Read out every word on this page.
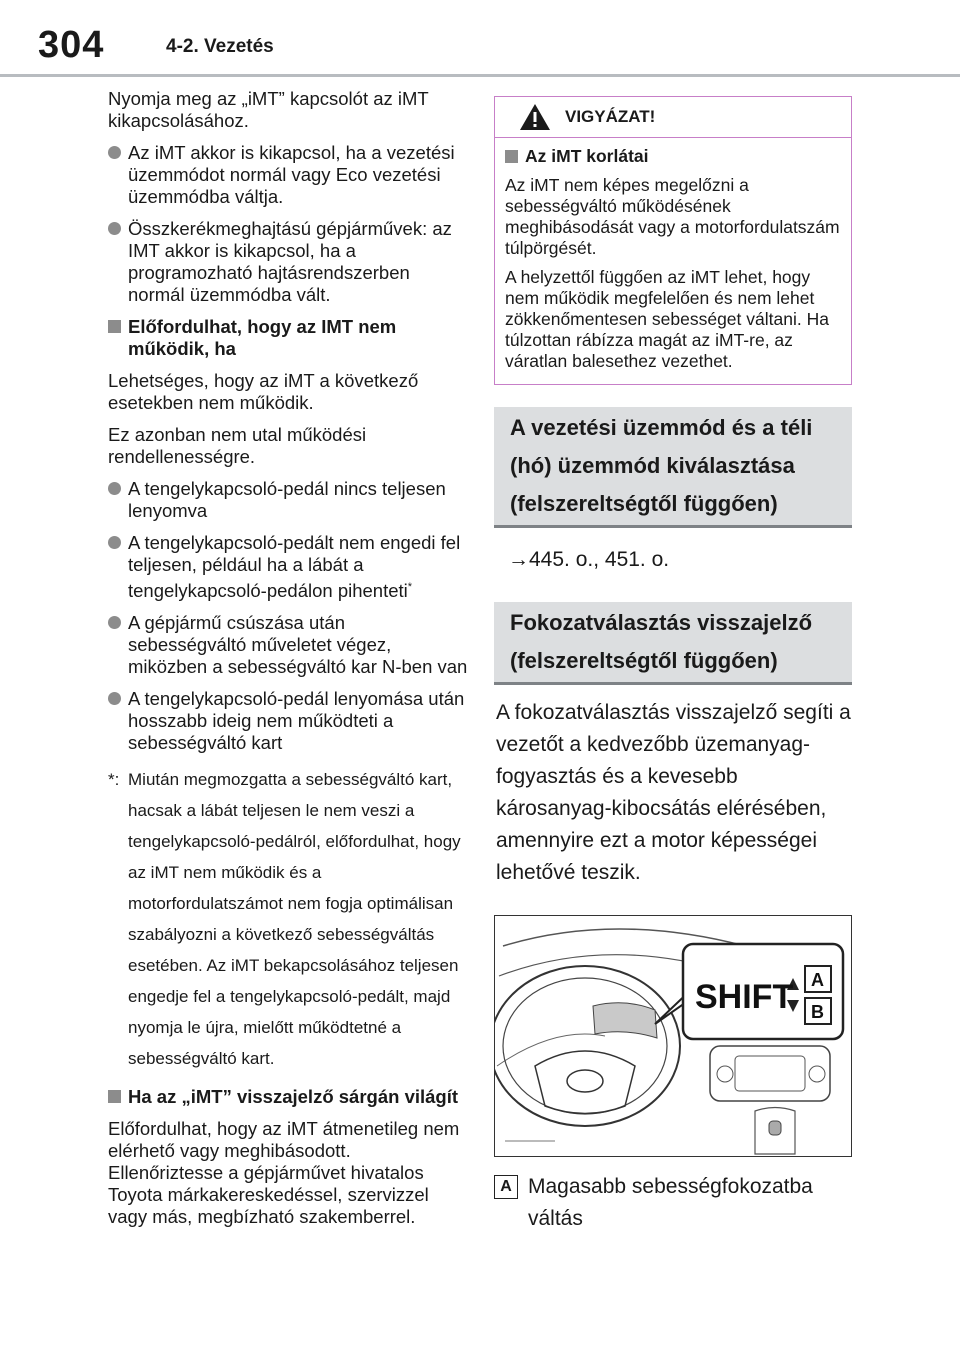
304	4-2. Vezetés

Nyomja meg az „iMT” kapcsolót az iMT kikapcsolásához.

Az iMT akkor is kikapcsol, ha a vezetési üzemmódot normál vagy Eco vezetési üzemmódba váltja.
Összkerékmeghajtású gépjárművek: az IMT akkor is kikapcsol, ha a programozható hajtásrendszerben normál üzemmódba vált.
Előfordulhat, hogy az IMT nem működik, ha

Lehetséges, hogy az iMT a következő esetekben nem működik.

Ez azonban nem utal működési rendellenességre.

A tengelykapcsoló-pedál nincs teljesen lenyomva
A tengelykapcsoló-pedált nem engedi fel teljesen, például ha a lábát a tengelykapcsoló-pedálon pihenteti*
A gépjármű csúszása után sebességváltó műveletet végez, miközben a sebességváltó kar N-ben van
A tengelykapcsoló-pedál lenyomása után hosszabb ideig nem működteti a sebességváltó kart
*: Miután megmozgatta a sebességváltó kart, hacsak a lábát teljesen le nem veszi a tengelykapcsoló-pedálról, előfordulhat, hogy az iMT nem működik és a motorfordulatszámot nem fogja optimálisan szabályozni a következő sebességváltás esetében. Az iMT bekapcsolásához teljesen engedje fel a tengelykapcsoló-pedált, majd nyomja le újra, mielőtt működtetné a sebességváltó kart.
Ha az „iMT” visszajelző sárgán világít

Előfordulhat, hogy az iMT átmenetileg nem elérhető vagy meghibásodott. Ellenőriztesse a gépjárművet hivatalos Toyota márkakereskedéssel, szervizzel vagy más, megbízható szakemberrel.

VIGYÁZAT!
Az iMT korlátai

Az iMT nem képes megelőzni a sebességváltó működésének meghibásodását vagy a motorfordulatszám túlpörgését.

A helyzettől függően az iMT lehet, hogy nem működik megfelelően és nem lehet zökkenőmentesen sebességet váltani. Ha túlzottan rábízza magát az iMT-re, az váratlan balesethez vezethet.

A vezetési üzemmód és a téli (hó) üzemmód kiválasztása (felszereltségtől függően)
→445. o., 451. o.
Fokozatválasztás visszajelző (felszereltségtől függően)

A fokozatválasztás visszajelző segíti a vezetőt a kedvezőbb üzemanyag-fogyasztás és a kevesebb károsanyag-kibocsátás elérésében, amennyire ezt a motor képességei lehetővé teszik.

SHIFT A
B
A Magasabb sebességfokozatba váltás
